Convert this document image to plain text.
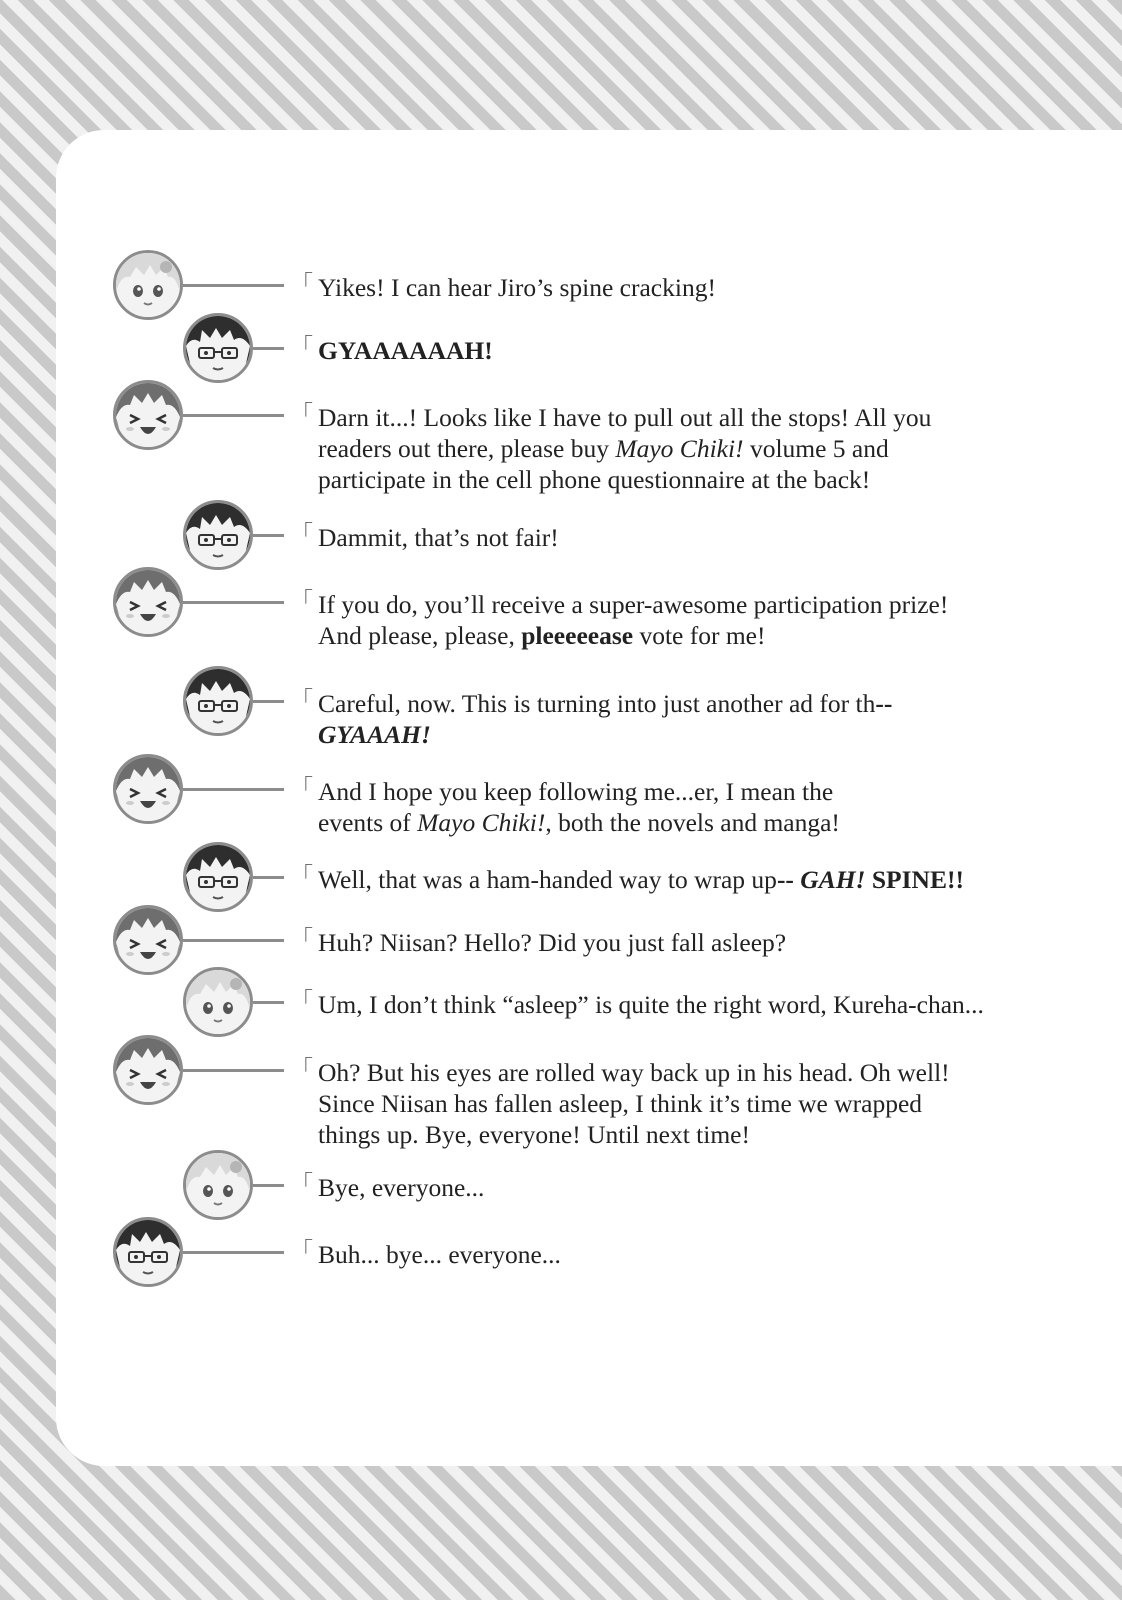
「 Yikes! I can hear Jiro’s spine cracking!
「 GYAAAAAAH!
「 Darn it...! Looks like I have to pull out all the stops! All you
readers out there, please buy Mayo Chiki! volume 5 and
participate in the cell phone questionnaire at the back!
「 Dammit, that’s not fair!
「 If you do, you’ll receive a super-awesome participation prize!
And please, please, pleeeeease vote for me!
「 Careful, now. This is turning into just another ad for th--
GYAAAH!
「 And I hope you keep following me...er, I mean the
events of Mayo Chiki!, both the novels and manga!
「 Well, that was a ham-handed way to wrap up-- GAH! SPINE!!
「 Huh? Niisan? Hello? Did you just fall asleep?
「 Um, I don’t think “asleep” is quite the right word, Kureha-chan...
「 Oh? But his eyes are rolled way back up in his head. Oh well!
Since Niisan has fallen asleep, I think it’s time we wrapped
things up. Bye, everyone! Until next time!
「 Bye, everyone...
「 Buh... bye... everyone...
